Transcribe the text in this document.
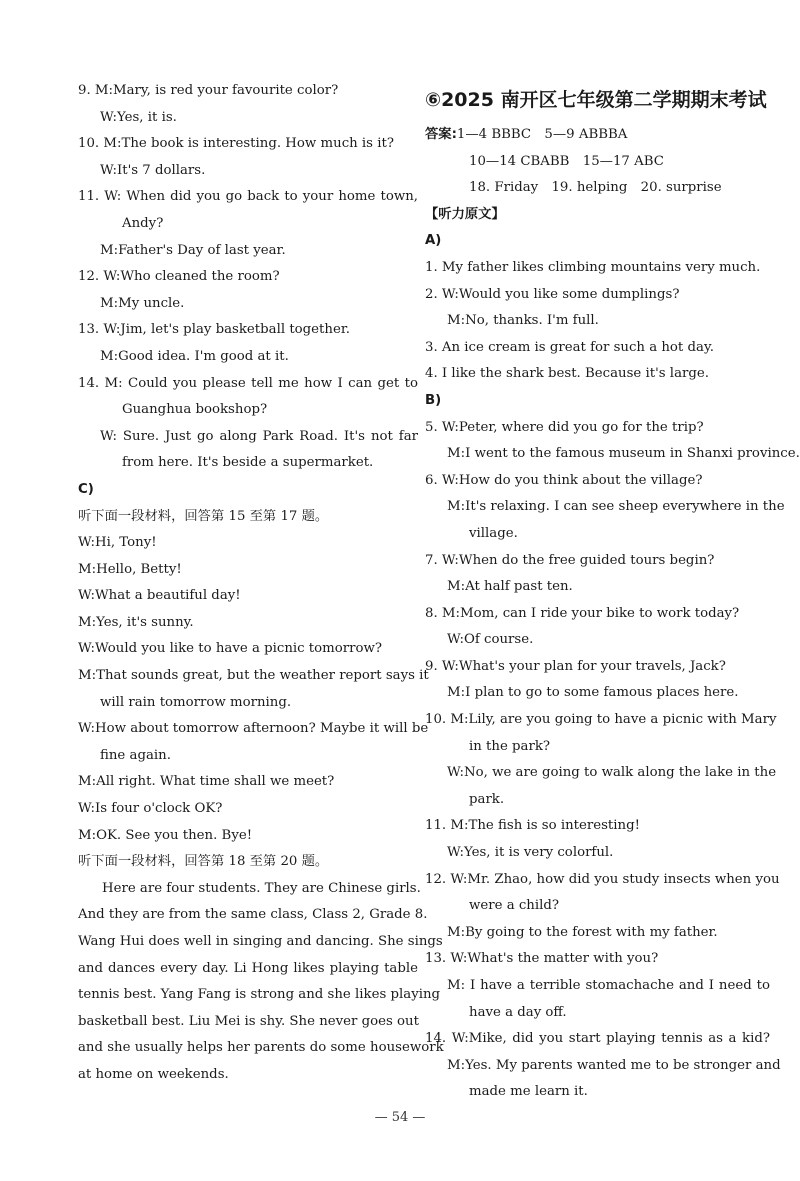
9. M:Mary, is red your favourite color?
W:Yes, it is.
10. M:The book is interesting. How much is it?
W:It's 7 dollars.
11. W: When did you go back to your home town,
Andy?
M:Father's Day of last year.
12. W:Who cleaned the room?
M:My uncle.
13. W:Jim, let's play basketball together.
M:Good idea. I'm good at it.
14. M: Could you please tell me how I can get to
Guanghua bookshop?
W: Sure. Just go along Park Road. It's not far
from here. It's beside a supermarket.
C)
听下面一段材料，回答第 15 至第 17 题。
W:Hi, Tony!
M:Hello, Betty!
W:What a beautiful day!
M:Yes, it's sunny.
W:Would you like to have a picnic tomorrow?
M:That sounds great, but the weather report says it
will rain tomorrow morning.
W:How about tomorrow afternoon? Maybe it will be
fine again.
M:All right. What time shall we meet?
W:Is four o'clock OK?
M:OK. See you then. Bye!
听下面一段材料，回答第 18 至第 20 题。
Here are four students. They are Chinese girls.
And they are from the same class, Class 2, Grade 8.
Wang Hui does well in singing and dancing. She sings
and dances every day. Li Hong likes playing table
tennis best. Yang Fang is strong and she likes playing
basketball best. Liu Mei is shy. She never goes out
and she usually helps her parents do some housework
at home on weekends.
⑥2025 南开区七年级第二学期期末考试
答案:1—4 BBBC　5—9 ABBBA
10—14 CBABB　15—17 ABC
18. Friday　19. helping　20. surprise
【听力原文】
A)
1. My father likes climbing mountains very much.
2. W:Would you like some dumplings?
M:No, thanks. I'm full.
3. An ice cream is great for such a hot day.
4. I like the shark best. Because it's large.
B)
5. W:Peter, where did you go for the trip?
M:I went to the famous museum in Shanxi province.
6. W:How do you think about the village?
M:It's relaxing. I can see sheep everywhere in the
village.
7. W:When do the free guided tours begin?
M:At half past ten.
8. M:Mom, can I ride your bike to work today?
W:Of course.
9. W:What's your plan for your travels, Jack?
M:I plan to go to some famous places here.
10. M:Lily, are you going to have a picnic with Mary
in the park?
W:No, we are going to walk along the lake in the
park.
11. M:The fish is so interesting!
W:Yes, it is very colorful.
12. W:Mr. Zhao, how did you study insects when you
were a child?
M:By going to the forest with my father.
13. W:What's the matter with you?
M: I have a terrible stomachache and I need to
have a day off.
14. W:Mike, did you start playing tennis as a kid?
M:Yes. My parents wanted me to be stronger and
made me learn it.
— 54 —
